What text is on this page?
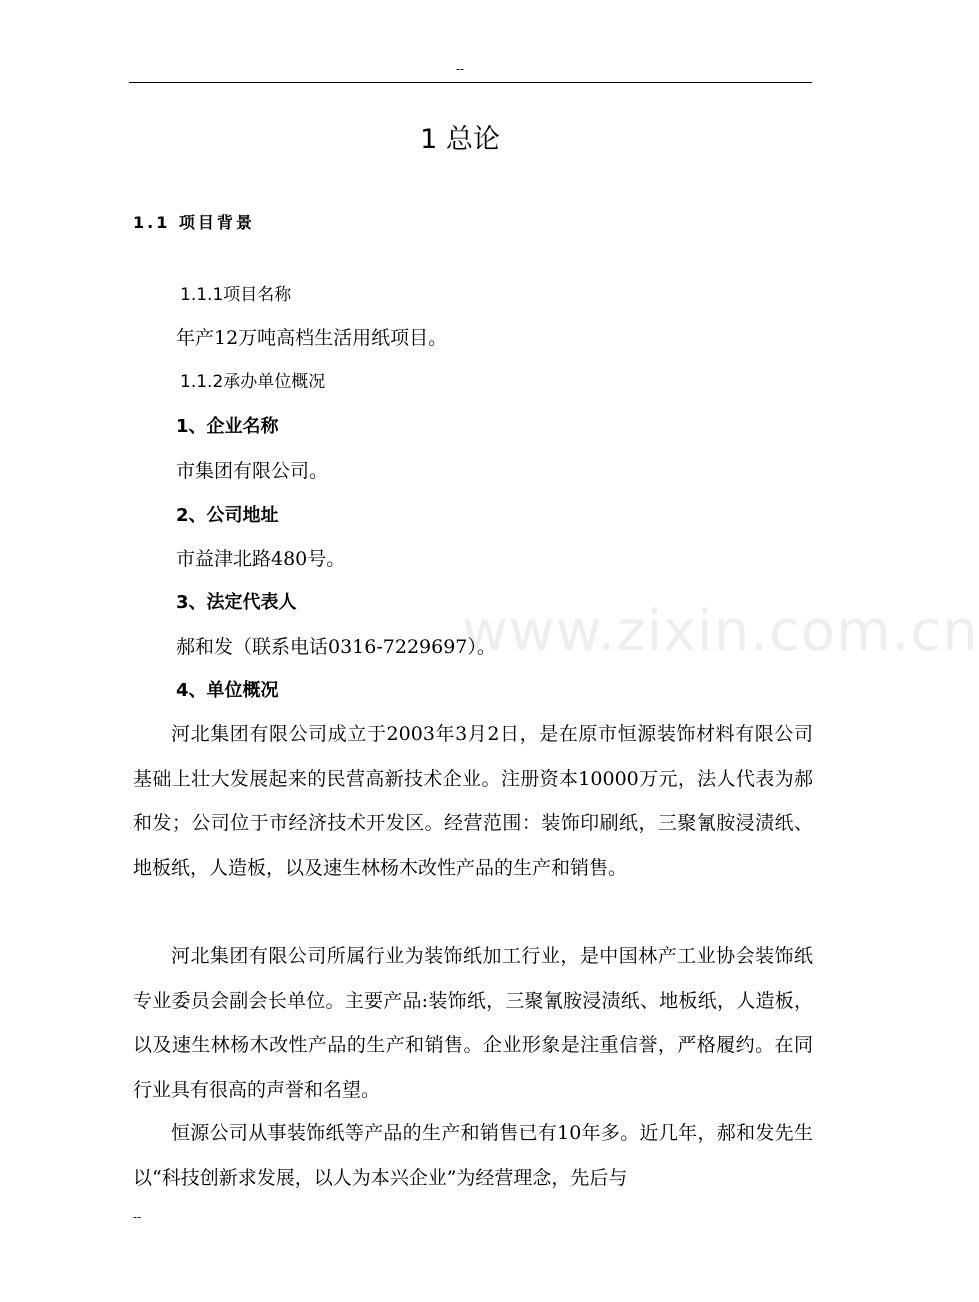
--
www.zixin.com.cn
1 总论
1.1 项目背景
1.1.1项目名称
年产12万吨高档生活用纸项目。
1.1.2承办单位概况
1、企业名称
市集团有限公司。
2、公司地址
市益津北路480号。
3、法定代表人
郝和发（联系电话0316-7229697）。
4、单位概况

河北集团有限公司成立于2003年3月2日，是在原市恒源装饰材料有限公司基础上壮大发展起来的民营高新技术企业。注册资本10000万元，法人代表为郝和发；公司位于市经济技术开发区。经营范围：装饰印刷纸，三聚氰胺浸渍纸、地板纸，人造板，以及速生林杨木改性产品的生产和销售。

河北集团有限公司所属行业为装饰纸加工行业，是中国林产工业协会装饰纸专业委员会副会长单位。主要产品:装饰纸，三聚氰胺浸渍纸、地板纸，人造板，以及速生林杨木改性产品的生产和销售。企业形象是注重信誉，严格履约。在同行业具有很高的声誉和名望。

恒源公司从事装饰纸等产品的生产和销售已有10年多。近几年，郝和发先生以“科技创新求发展，以人为本兴企业”为经营理念，先后与

--
